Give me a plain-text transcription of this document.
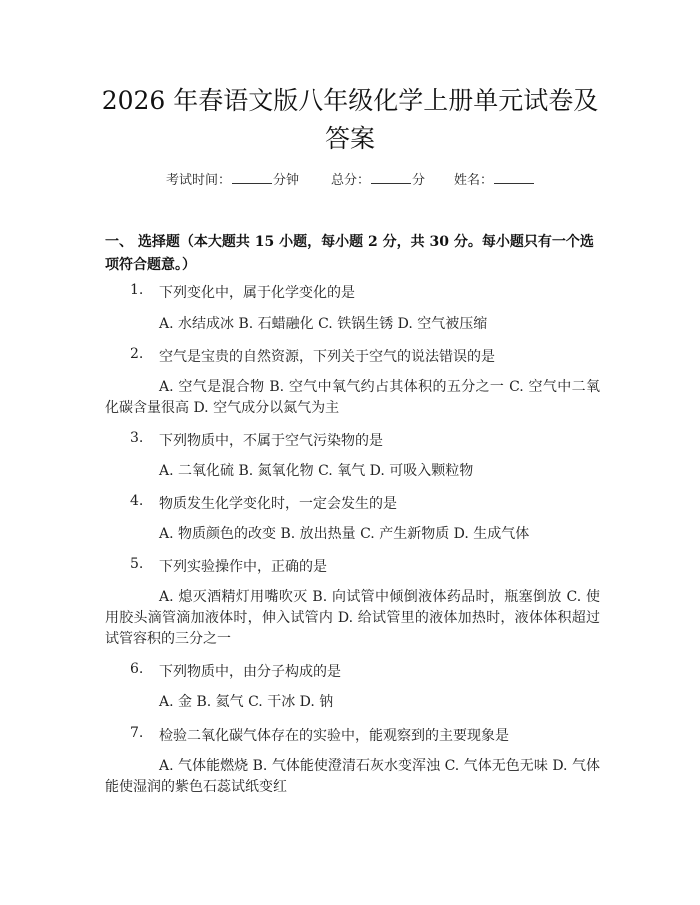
2026 年春语文版八年级化学上册单元试卷及答案
考试时间：	分钟 总分：	分 姓名：
一、 选择题（本大题共 15 小题，每小题 2 分，共 30 分。每小题只有一个选项符合题意。）
1. 下列变化中，属于化学变化的是
A. 水结成冰 B. 石蜡融化 C. 铁锅生锈 D. 空气被压缩
2. 空气是宝贵的自然资源，下列关于空气的说法错误的是
A. 空气是混合物 B. 空气中氧气约占其体积的五分之一 C. 空气中二氧化碳含量很高 D. 空气成分以氮气为主
3. 下列物质中，不属于空气污染物的是
A. 二氧化硫 B. 氮氧化物 C. 氧气 D. 可吸入颗粒物
4. 物质发生化学变化时，一定会发生的是
A. 物质颜色的改变 B. 放出热量 C. 产生新物质 D. 生成气体
5. 下列实验操作中，正确的是
A. 熄灭酒精灯用嘴吹灭 B. 向试管中倾倒液体药品时，瓶塞倒放 C. 使用胶头滴管滴加液体时，伸入试管内 D. 给试管里的液体加热时，液体体积超过试管容积的三分之一
6. 下列物质中，由分子构成的是
A. 金 B. 氦气 C. 干冰 D. 钠
7. 检验二氧化碳气体存在的实验中，能观察到的主要现象是
A. 气体能燃烧 B. 气体能使澄清石灰水变浑浊 C. 气体无色无味 D. 气体能使湿润的紫色石蕊试纸变红
